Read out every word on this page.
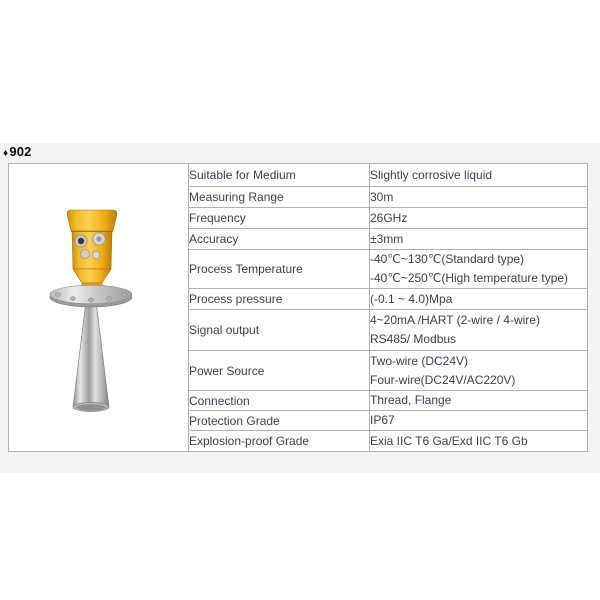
♦902
	Suitable for Medium	Slightly corrosive liquid

	Measuring Range	30m

	Frequency	26GHz

	Accuracy	±3mm

	Process Temperature	-40℃~130℃(Standard type)
-40℃~250℃(High temperature type)

	Process pressure	(-0.1 ~ 4.0)Mpa

	Signal output	4~20mA /HART (2-wire / 4-wire)
RS485/ Modbus

	Power Source	Two-wire (DC24V)
Four-wire(DC24V/AC220V)

	Connection	Thread, Flange

	Protection Grade	IP67

	Explosion-proof Grade	Exia IIC T6 Ga/Exd IIC T6 Gb
